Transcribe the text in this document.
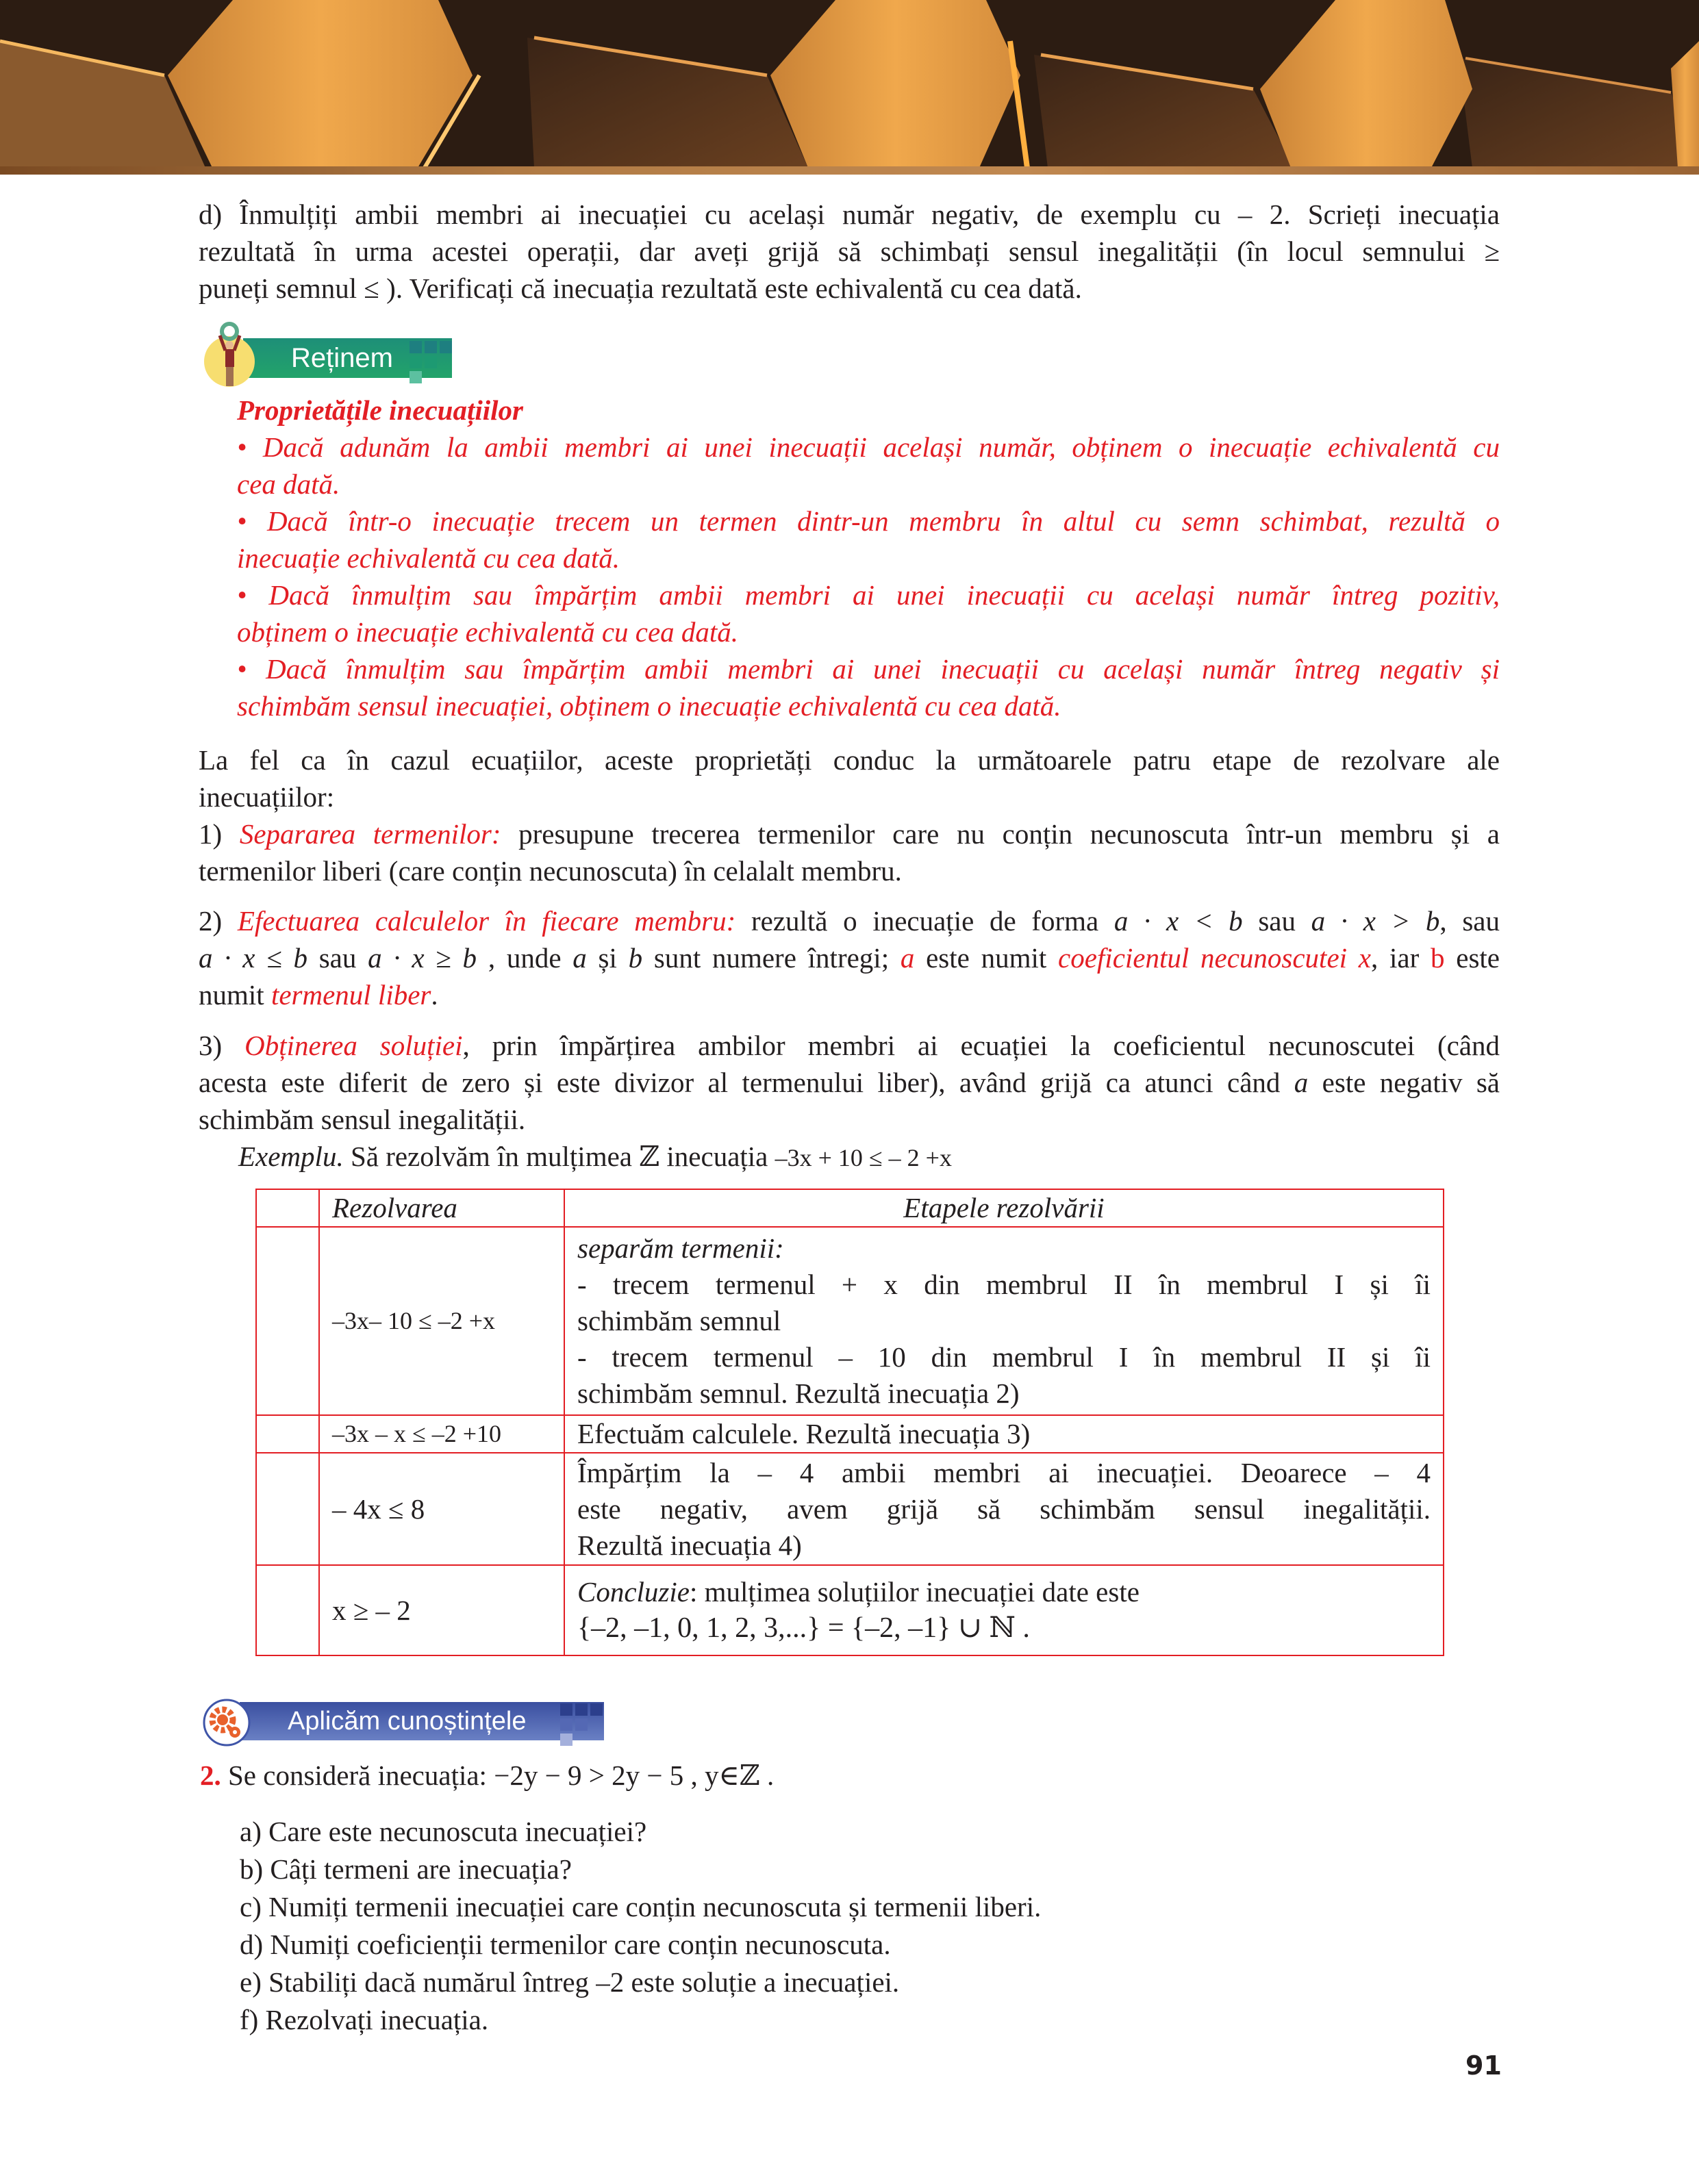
d) Înmulțiți ambii membri ai inecuației cu același număr negativ, de exemplu cu – 2. Scrieți inecuația

rezultată în urma acestei operații, dar aveți grijă să schimbați sensul inegalității (în locul semnului ≥

puneți semnul ≤ ). Verificați că inecuația rezultată este echivalentă cu cea dată.

Reținem

Proprietățile inecuațiilor

• Dacă adunăm la ambii membri ai unei inecuații același număr, obținem o inecuație echivalentă cu

cea dată.

• Dacă într-o inecuație trecem un termen dintr-un membru în altul cu semn schimbat, rezultă o

inecuație echivalentă cu cea dată.

• Dacă înmulțim sau împărțim ambii membri ai unei inecuații cu același număr întreg pozitiv,

obținem o inecuație echivalentă cu cea dată.

• Dacă înmulțim sau împărțim ambii membri ai unei inecuații cu același număr întreg negativ și

schimbăm sensul inecuației, obținem o inecuație echivalentă cu cea dată.

La fel ca în cazul ecuațiilor, aceste proprietăți conduc la următoarele patru etape de rezolvare ale

inecuațiilor:

1) Separarea termenilor: presupune trecerea termenilor care nu conțin necunoscuta într-un membru și a

termenilor liberi (care conțin necunoscuta) în celalalt membru.

2) Efectuarea calculelor în fiecare membru: rezultă o inecuație de forma a · x < b sau a · x > b, sau

a · x ≤ b sau a · x ≥ b , unde a și b sunt numere întregi; a este numit coeficientul necunoscutei x, iar b este

numit termenul liber.

3) Obținerea soluției, prin împărțirea ambilor membri ai ecuației la coeficientul necunoscutei (când

acesta este diferit de zero și este divizor al termenului liber), având grijă ca atunci când a este negativ să

schimbăm sensul inegalității.

Exemplu. Să rezolvăm în mulțimea ℤ inecuația –3x + 10 ≤ – 2 +x

	Rezolvarea	Etapele rezolvării
	–3x– 10 ≤ –2 +x	separăm termenii:
- trecem termenul + x din membrul II în membrul I și îi
schimbăm semnul
- trecem termenul – 10 din membrul I în membrul II și îi
schimbăm semnul. Rezultă inecuația 2)

	–3x – x ≤ –2 +10	Efectuăm calculele. Rezultă inecuația 3)

	– 4x ≤ 8	Împărțim la – 4 ambii membri ai inecuației. Deoarece – 4
este negativ, avem grijă să schimbăm sensul inegalității.
Rezultă inecuația 4)

	x ≥ – 2	Concluzie: mulțimea soluțiilor inecuației date este
{–2, –1, 0, 1, 2, 3,...} = {–2, –1} ∪ ℕ .
Aplicăm cunoștințele

2. Se consideră inecuația: −2y − 9 > 2y − 5 , y∈ℤ .

a) Care este necunoscuta inecuației?
b) Câți termeni are inecuația?
c) Numiți termenii inecuației care conțin necunoscuta și termenii liberi.
d) Numiți coeficienții termenilor care conțin necunoscuta.
e) Stabiliți dacă numărul întreg –2 este soluție a inecuației.
f) Rezolvați inecuația.
91
